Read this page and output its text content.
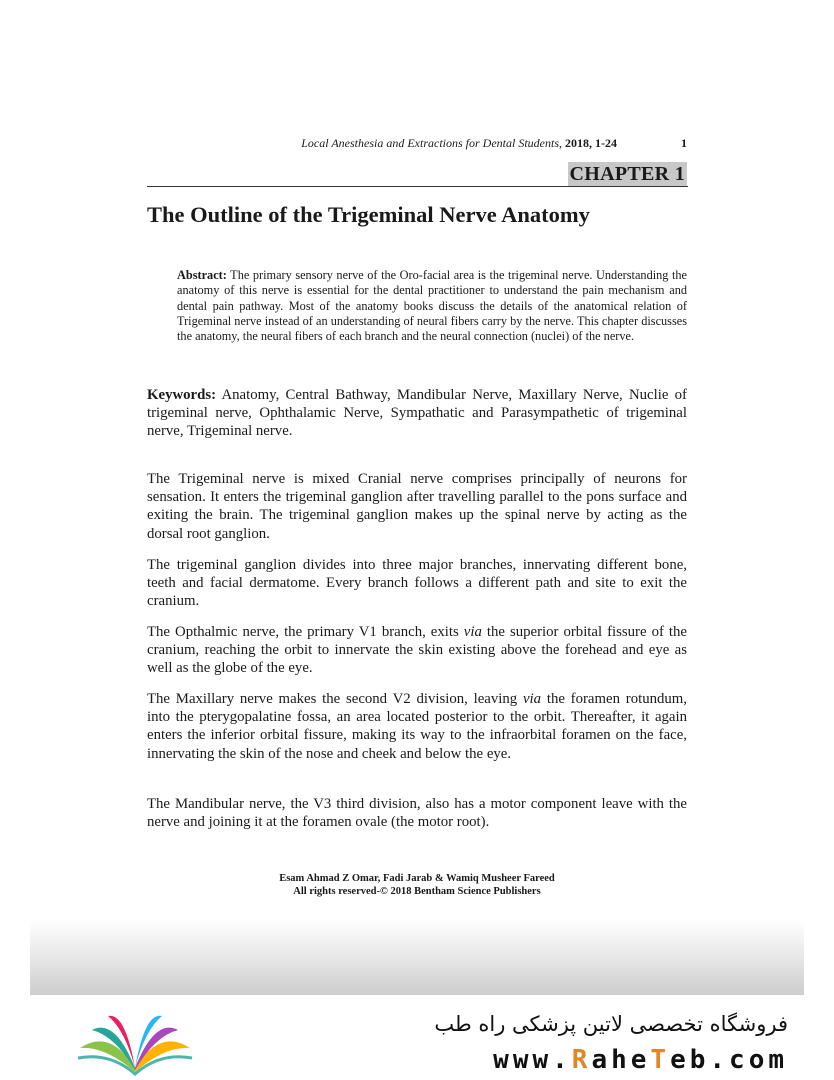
Local Anesthesia and Extractions for Dental Students, 2018, 1-24	1
CHAPTER 1
The Outline of the Trigeminal Nerve Anatomy

Abstract: The primary sensory nerve of the Oro-facial area is the trigeminal nerve. Understanding the anatomy of this nerve is essential for the dental practitioner to understand the pain mechanism and dental pain pathway. Most of the anatomy books discuss the details of the anatomical relation of Trigeminal nerve instead of an understanding of neural fibers carry by the nerve. This chapter discusses the anatomy, the neural fibers of each branch and the neural connection (nuclei) of the nerve.

Keywords: Anatomy, Central Bathway, Mandibular Nerve, Maxillary Nerve, Nuclie of trigeminal nerve, Ophthalamic Nerve, Sympathatic and Parasympathetic of trigeminal nerve, Trigeminal nerve.

The Trigeminal nerve is mixed Cranial nerve comprises principally of neurons for sensation. It enters the trigeminal ganglion after travelling parallel to the pons surface and exiting the brain. The trigeminal ganglion makes up the spinal nerve by acting as the dorsal root ganglion.

The trigeminal ganglion divides into three major branches, innervating different bone, teeth and facial dermatome. Every branch follows a different path and site to exit the cranium.

The Opthalmic nerve, the primary V1 branch, exits via the superior orbital fissure of the cranium, reaching the orbit to innervate the skin existing above the forehead and eye as well as the globe of the eye.

The Maxillary nerve makes the second V2 division, leaving via the foramen rotundum, into the pterygopalatine fossa, an area located posterior to the orbit. Thereafter, it again enters the inferior orbital fissure, making its way to the infraorbital foramen on the face, innervating the skin of the nose and cheek and below the eye.

The Mandibular nerve, the V3 third division, also has a motor component leave with the nerve and joining it at the foramen ovale (the motor root).

Esam Ahmad Z Omar, Fadi Jarab & Wamiq Musheer Fareed
All rights reserved-© 2018 Bentham Science Publishers
فروشگاه تخصصی لاتین پزشکی راه طب
www.RaheTeb.com
